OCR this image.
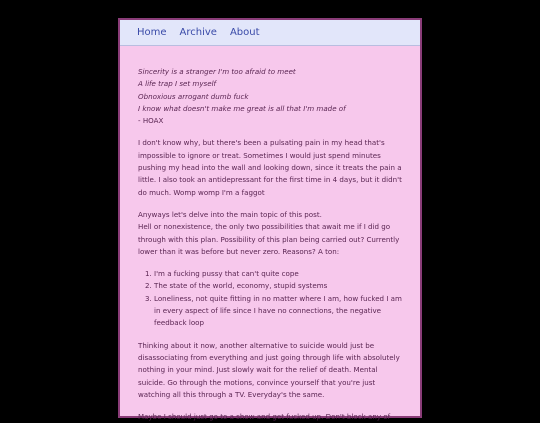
Home Archive About
Sincerity is a stranger I'm too afraid to meet
A life trap I set myself
Obnoxious arrogant dumb fuck
I know what doesn't make me great is all that I'm made of
- HOAX

I don't know why, but there's been a pulsating pain in my head that's impossible to ignore or treat. Sometimes I would just spend minutes pushing my head into the wall and looking down, since it treats the pain a little. I also took an antidepressant for the first time in 4 days, but it didn't do much. Womp womp I'm a faggot

Anyways let's delve into the main topic of this post.
Hell or nonexistence, the only two possibilities that await me if I did go through with this plan. Possibility of this plan being carried out? Currently lower than it was before but never zero. Reasons? A ton:

1. I'm a fucking pussy that can't quite cope
2. The state of the world, economy, stupid systems
3. Loneliness, not quite fitting in no matter where I am, how fucked I am in every aspect of life since I have no connections, the negative feedback loop

Thinking about it now, another alternative to suicide would just be disassociating from everything and just going through life with absolutely nothing in your mind. Just slowly wait for the relief of death. Mental suicide. Go through the motions, convince yourself that you're just watching all this through a TV. Everyday's the same.

Maybe I should just go to a show and get fucked up. Don't block any of
